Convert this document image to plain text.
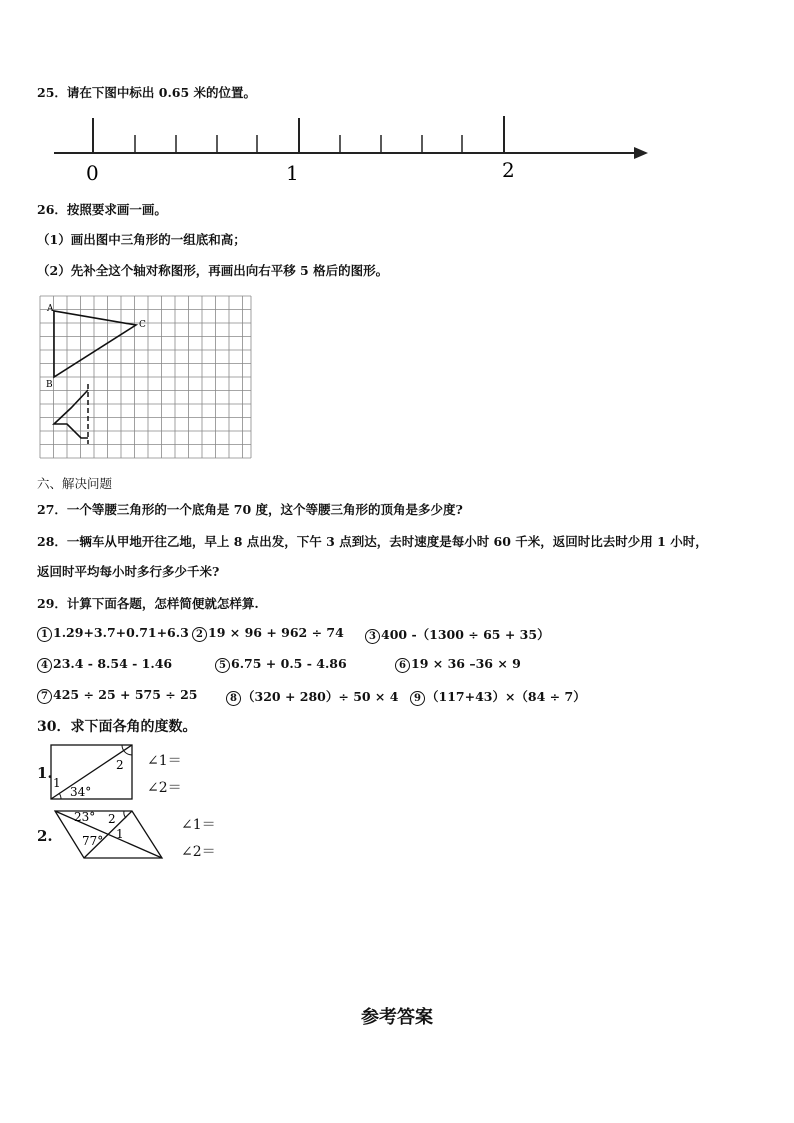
25．请在下图中标出 0.65 米的位置。
0	1	2
26．按照要求画一画。
（1）画出图中三角形的一组底和高；
（2）先补全这个轴对称图形，再画出向右平移 5 格后的图形。
A
B
C
六、解决问题
27．一个等腰三角形的一个底角是 70 度，这个等腰三角形的顶角是多少度?
28．一辆车从甲地开往乙地，早上 8 点出发，下午 3 点到达，去时速度是每小时 60 千米，返回时比去时少用 1 小时，
返回时平均每小时多行多少千米?
29．计算下面各题，怎样简便就怎样算.
1 1.29+3.7+0.71+6.3 2 19 × 96 + 962 ÷ 74	3 400 -（1300 ÷ 65 + 35）
4 23.4 - 8.54 - 1.46	5 6.75 + 0.5 - 4.86	6 19 × 36 –36 × 9
7 425 ÷ 25 + 575 ÷ 25	8 （320 + 280）÷ 50 × 4	9 （117+43）×（84 ÷ 7）
30．求下面各角的度数。
1.
1
2
34°
∠1＝
∠2＝
2.
23°
77°
2
1
∠1＝
∠2＝
参考答案
